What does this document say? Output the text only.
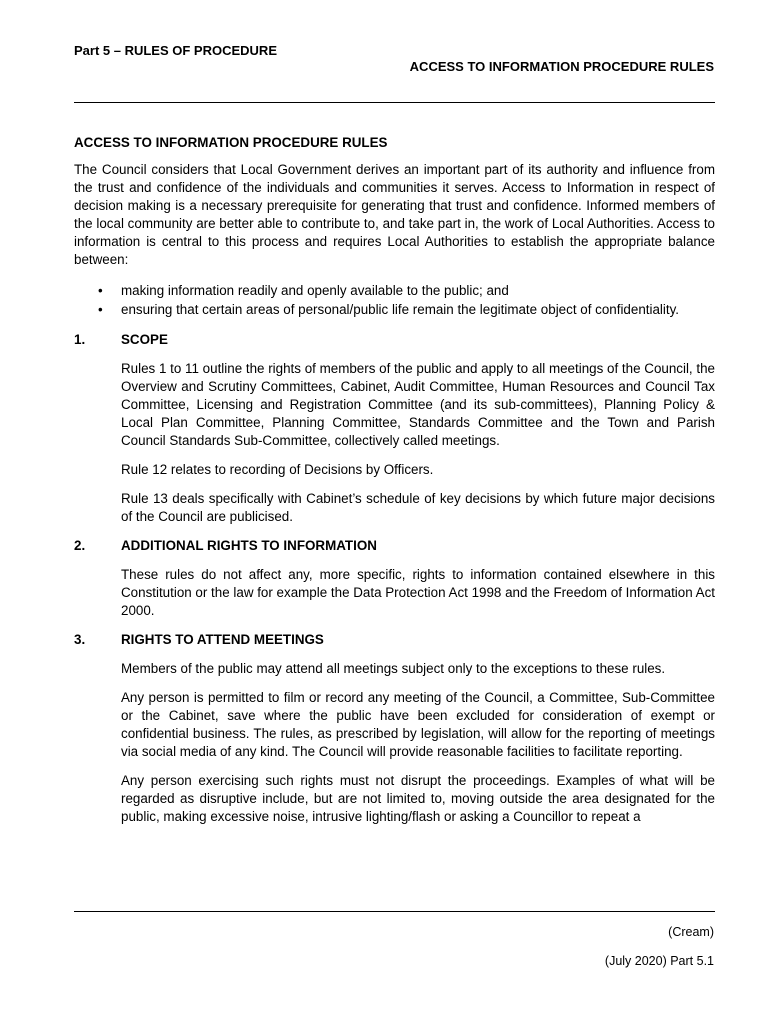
Part 5 – RULES OF PROCEDURE
ACCESS TO INFORMATION PROCEDURE RULES
ACCESS TO INFORMATION PROCEDURE RULES

The Council considers that Local Government derives an important part of its authority and influence from the trust and confidence of the individuals and communities it serves. Access to Information in respect of decision making is a necessary prerequisite for generating that trust and confidence. Informed members of the local community are better able to contribute to, and take part in, the work of Local Authorities. Access to information is central to this process and requires Local Authorities to establish the appropriate balance between:

• making information readily and openly available to the public; and
• ensuring that certain areas of personal/public life remain the legitimate object of confidentiality.
1.	SCOPE

Rules 1 to 11 outline the rights of members of the public and apply to all meetings of the Council, the Overview and Scrutiny Committees, Cabinet, Audit Committee, Human Resources and Council Tax Committee, Licensing and Registration Committee (and its sub-committees), Planning Policy & Local Plan Committee, Planning Committee, Standards Committee and the Town and Parish Council Standards Sub-Committee, collectively called meetings.

Rule 12 relates to recording of Decisions by Officers.

Rule 13 deals specifically with Cabinet’s schedule of key decisions by which future major decisions of the Council are publicised.

2.	ADDITIONAL RIGHTS TO INFORMATION

These rules do not affect any, more specific, rights to information contained elsewhere in this Constitution or the law for example the Data Protection Act 1998 and the Freedom of Information Act 2000.

3.	RIGHTS TO ATTEND MEETINGS

Members of the public may attend all meetings subject only to the exceptions to these rules.

Any person is permitted to film or record any meeting of the Council, a Committee, Sub-Committee or the Cabinet, save where the public have been excluded for consideration of exempt or confidential business. The rules, as prescribed by legislation, will allow for the reporting of meetings via social media of any kind. The Council will provide reasonable facilities to facilitate reporting.

Any person exercising such rights must not disrupt the proceedings. Examples of what will be regarded as disruptive include, but are not limited to, moving outside the area designated for the public, making excessive noise, intrusive lighting/flash or asking a Councillor to repeat a

(Cream)
(July 2020) Part 5.1
